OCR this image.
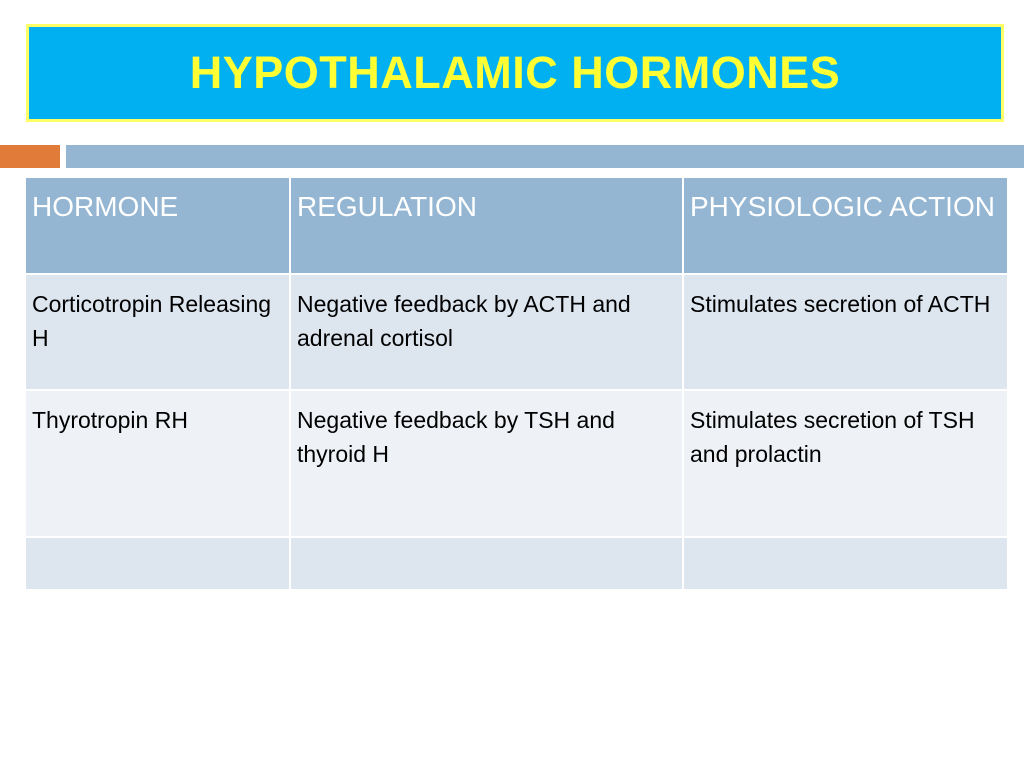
HYPOTHALAMIC HORMONES
HORMONE	REGULATION	PHYSIOLOGIC ACTION
Corticotropin Releasing H	Negative feedback by ACTH and adrenal cortisol	Stimulates secretion of ACTH
Thyrotropin RH	Negative feedback by TSH and thyroid H	Stimulates secretion of TSH and prolactin
